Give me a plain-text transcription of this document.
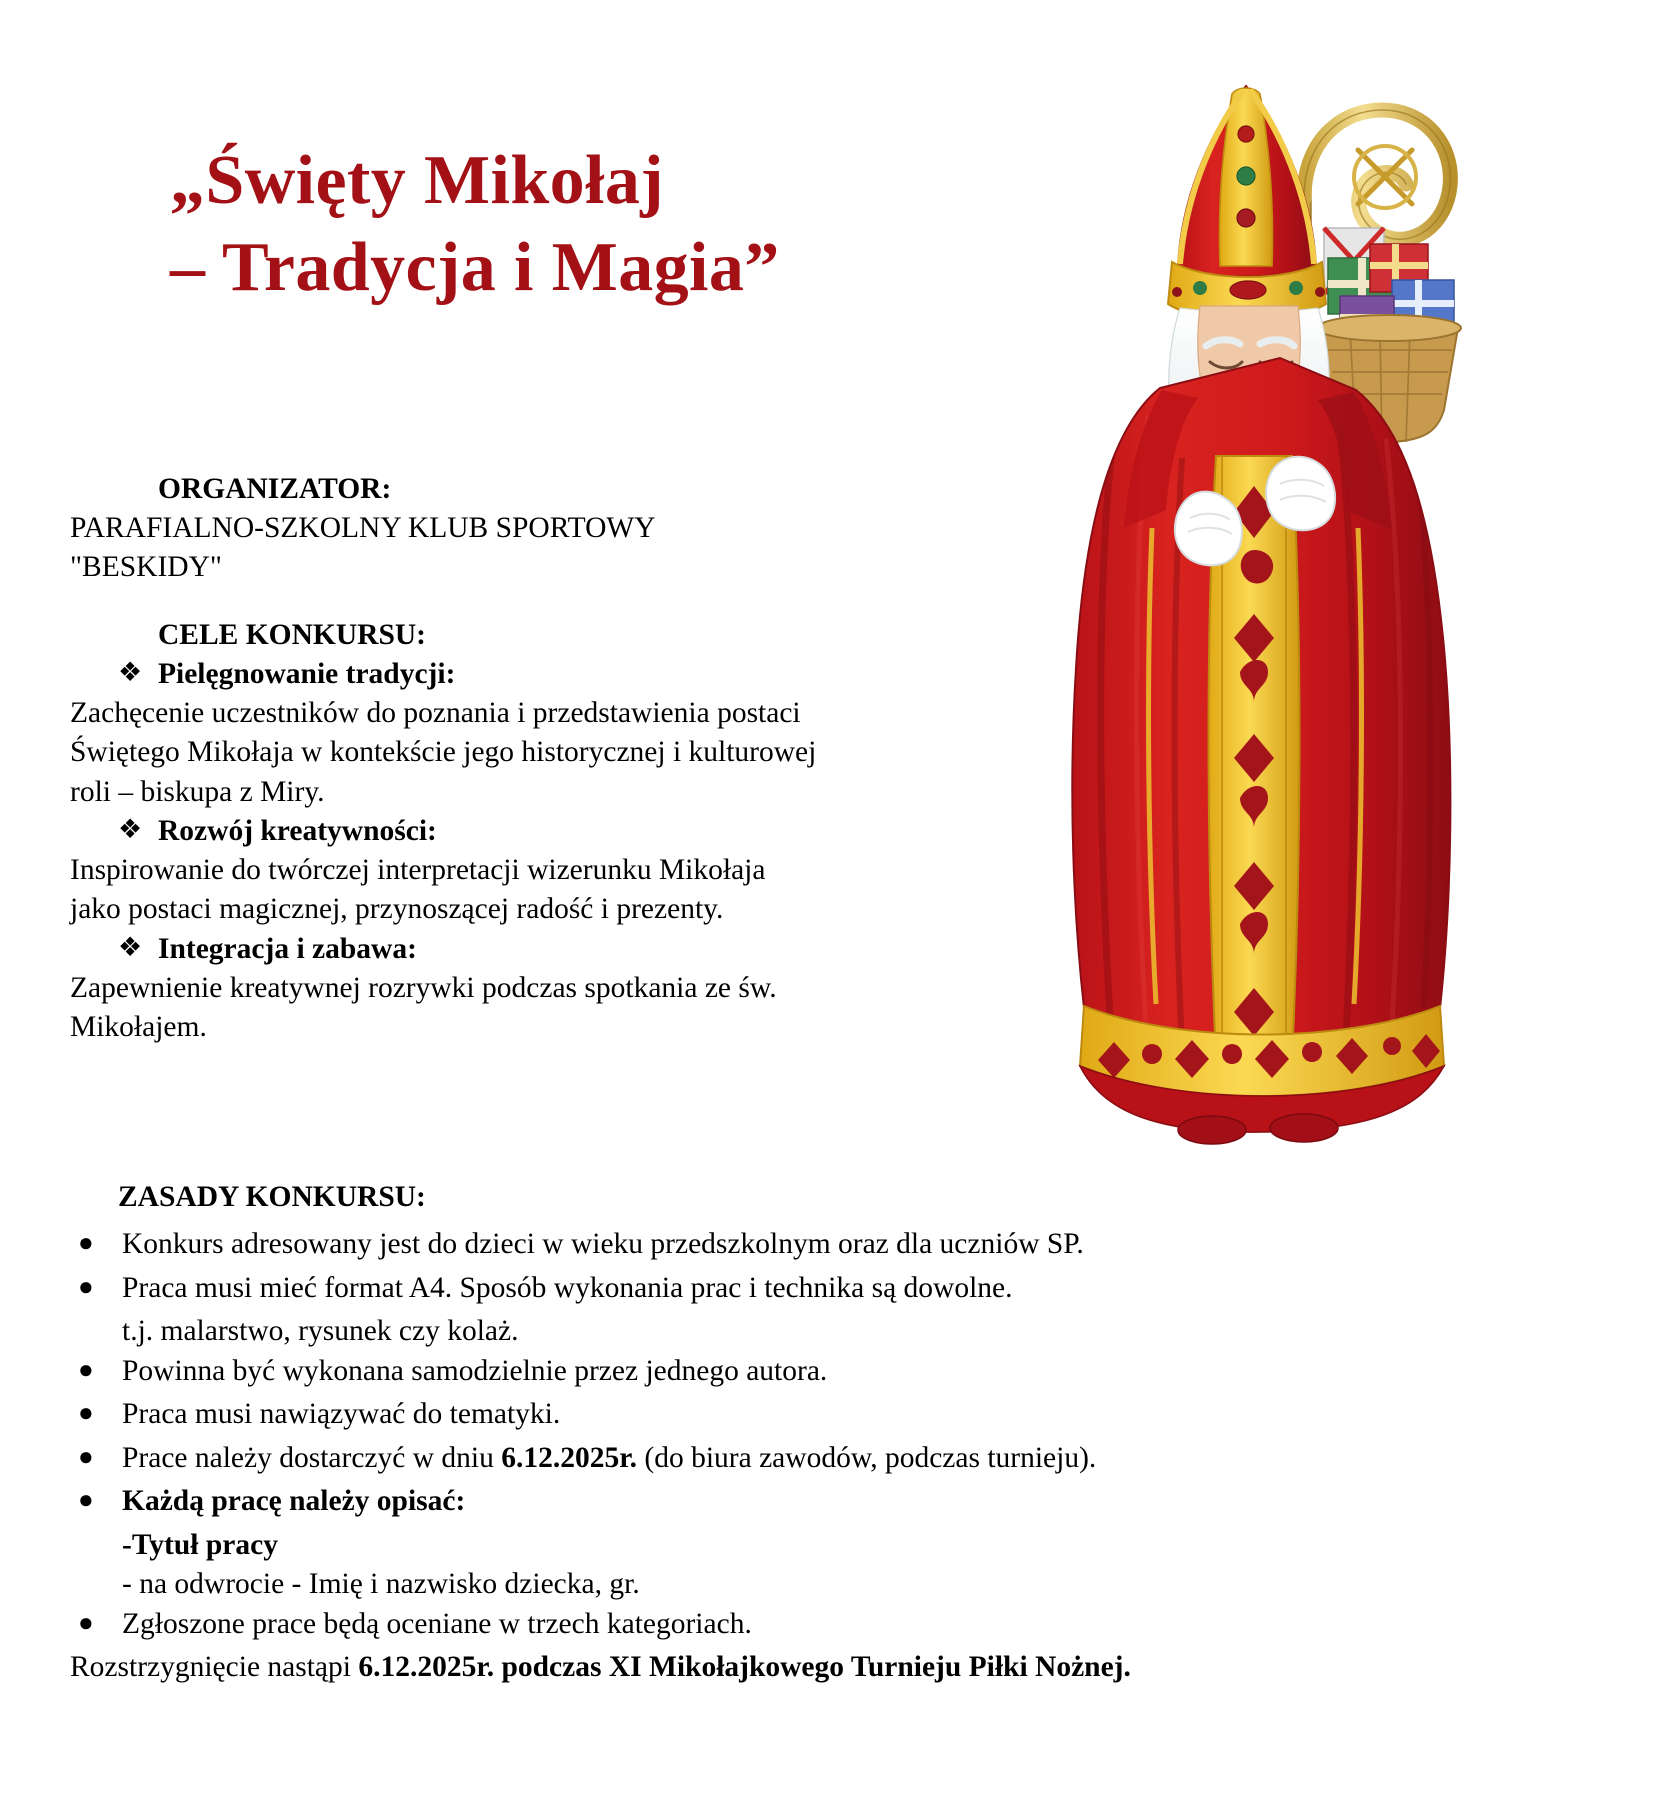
„Święty Mikołaj
– Tradycja i Magia”
ORGANIZATOR:
PARAFIALNO-SZKOLNY KLUB SPORTOWY
"BESKIDY"
CELE KONKURSU:
❖ Pielęgnowanie tradycji:
Zachęcenie uczestników do poznania i przedstawienia postaci
Świętego Mikołaja w kontekście jego historycznej i kulturowej
roli – biskupa z Miry.
❖ Rozwój kreatywności:
Inspirowanie do twórczej interpretacji wizerunku Mikołaja
jako postaci magicznej, przynoszącej radość i prezenty.
❖ Integracja i zabawa:
Zapewnienie kreatywnej rozrywki podczas spotkania ze św.
Mikołajem.
ZASADY KONKURSU:
● Konkurs adresowany jest do dzieci w wieku przedszkolnym oraz dla uczniów SP.
● Praca musi mieć format A4. Sposób wykonania prac i technika są dowolne.
t.j. malarstwo, rysunek czy kolaż.
● Powinna być wykonana samodzielnie przez jednego autora.
● Praca musi nawiązywać do tematyki.
● Prace należy dostarczyć w dniu 6.12.2025r. (do biura zawodów, podczas turnieju).
● Każdą pracę należy opisać:
-Tytuł pracy
- na odwrocie - Imię i nazwisko dziecka, gr.
● Zgłoszone prace będą oceniane w trzech kategoriach.
Rozstrzygnięcie nastąpi 6.12.2025r. podczas XI Mikołajkowego Turnieju Piłki Nożnej.
